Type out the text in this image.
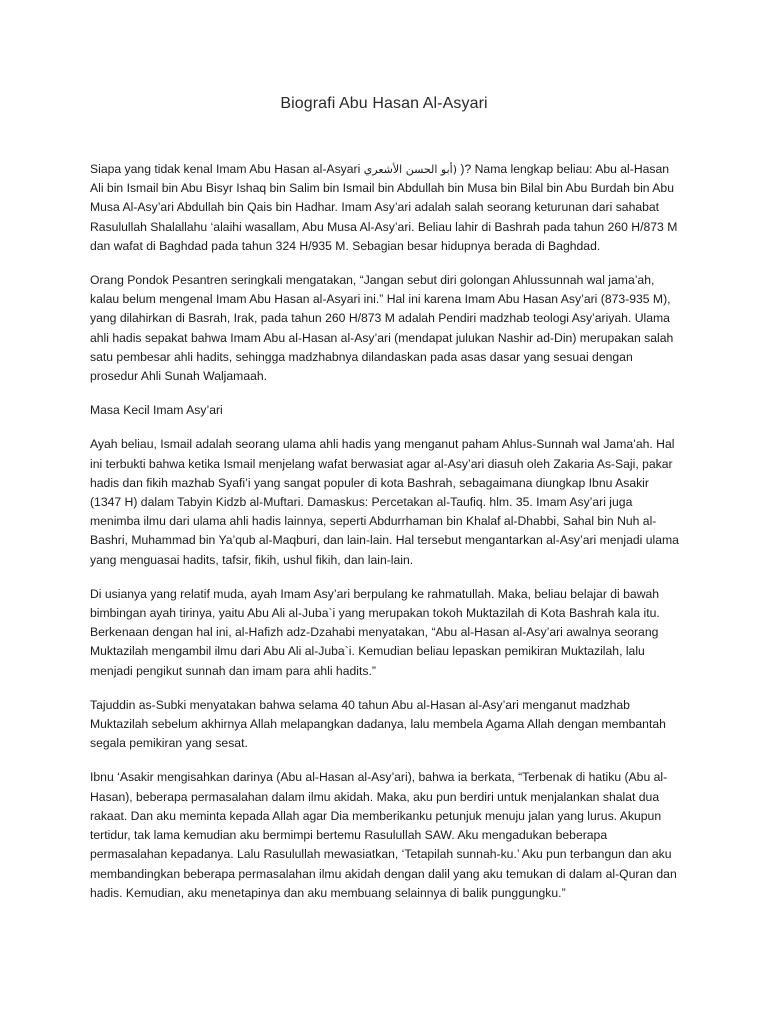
Biografi Abu Hasan Al-Asyari

Siapa yang tidak kenal Imam Abu Hasan al-Asyari (أبو الحسن الأشعري )? Nama lengkap beliau: Abu al-Hasan Ali bin Ismail bin Abu Bisyr Ishaq bin Salim bin Ismail bin Abdullah bin Musa bin Bilal bin Abu Burdah bin Abu Musa Al-Asy’ari Abdullah bin Qais bin Hadhar. Imam Asy’ari adalah salah seorang keturunan dari sahabat Rasulullah Shalallahu ‘alaihi wasallam, Abu Musa Al-Asy’ari. Beliau lahir di Bashrah pada tahun 260 H/873 M dan wafat di Baghdad pada tahun 324 H/935 M. Sebagian besar hidupnya berada di Baghdad.

Orang Pondok Pesantren seringkali mengatakan, “Jangan sebut diri golongan Ahlussunnah wal jama’ah, kalau belum mengenal Imam Abu Hasan al-Asyari ini.” Hal ini karena Imam Abu Hasan Asy’ari (873-935 M), yang dilahirkan di Basrah, Irak, pada tahun 260 H/873 M adalah Pendiri madzhab teologi Asy’ariyah. Ulama ahli hadis sepakat bahwa Imam Abu al-Hasan al-Asy’ari (mendapat julukan Nashir ad-Din) merupakan salah satu pembesar ahli hadits, sehingga madzhabnya dilandaskan pada asas dasar yang sesuai dengan prosedur Ahli Sunah Waljamaah.

Masa Kecil Imam Asy’ari

Ayah beliau, Ismail adalah seorang ulama ahli hadis yang menganut paham Ahlus-Sunnah wal Jama’ah. Hal ini terbukti bahwa ketika Ismail menjelang wafat berwasiat agar al-Asy’ari diasuh oleh Zakaria As-Saji, pakar hadis dan fikih mazhab Syafi’i yang sangat populer di kota Bashrah, sebagaimana diungkap Ibnu Asakir (1347 H) dalam Tabyin Kidzb al-Muftari. Damaskus: Percetakan al-Taufiq. hlm. 35. Imam Asy’ari juga menimba ilmu dari ulama ahli hadis lainnya, seperti Abdurrhaman bin Khalaf al-Dhabbi, Sahal bin Nuh al-Bashri, Muhammad bin Ya’qub al-Maqburi, dan lain-lain. Hal tersebut mengantarkan al-Asy’ari menjadi ulama yang menguasai hadits, tafsir, fikih, ushul fikih, dan lain-lain.

Di usianya yang relatif muda, ayah Imam Asy’ari berpulang ke rahmatullah. Maka, beliau belajar di bawah bimbingan ayah tirinya, yaitu Abu Ali al-Juba`i yang merupakan tokoh Muktazilah di Kota Bashrah kala itu. Berkenaan dengan hal ini, al-Hafizh adz-Dzahabi menyatakan, “Abu al-Hasan al-Asy’ari awalnya seorang Muktazilah mengambil ilmu dari Abu Ali al-Juba`i. Kemudian beliau lepaskan pemikiran Muktazilah, lalu menjadi pengikut sunnah dan imam para ahli hadits.”

Tajuddin as-Subki menyatakan bahwa selama 40 tahun Abu al-Hasan al-Asy’ari menganut madzhab Muktazilah sebelum akhirnya Allah melapangkan dadanya, lalu membela Agama Allah dengan membantah segala pemikiran yang sesat.

Ibnu ‘Asakir mengisahkan darinya (Abu al-Hasan al-Asy’ari), bahwa ia berkata, “Terbenak di hatiku (Abu al-Hasan), beberapa permasalahan dalam ilmu akidah. Maka, aku pun berdiri untuk menjalankan shalat dua rakaat. Dan aku meminta kepada Allah agar Dia memberikanku petunjuk menuju jalan yang lurus. Akupun tertidur, tak lama kemudian aku bermimpi bertemu Rasulullah SAW. Aku mengadukan beberapa permasalahan kepadanya. Lalu Rasulullah mewasiatkan, ‘Tetapilah sunnah-ku.’ Aku pun terbangun dan aku membandingkan beberapa permasalahan ilmu akidah dengan dalil yang aku temukan di dalam al-Quran dan hadis. Kemudian, aku menetapinya dan aku membuang selainnya di balik punggungku.”
